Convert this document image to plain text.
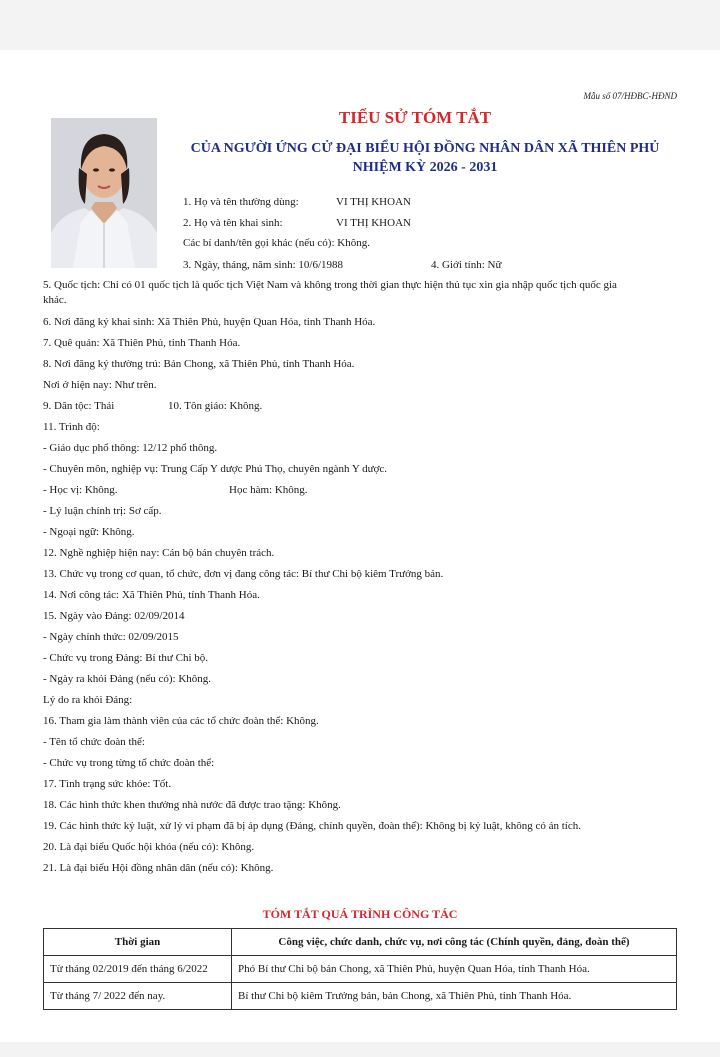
Mẫu số 07/HĐBC-HĐND
TIỂU SỬ TÓM TẮT
CỦA NGƯỜI ỨNG CỬ ĐẠI BIỂU HỘI ĐỒNG NHÂN DÂN XÃ THIÊN PHỦ
NHIỆM KỲ 2026 - 2031
1. Họ và tên thường dùng:	VI THỊ KHOAN
2. Họ và tên khai sinh:	VI THỊ KHOAN
Các bí danh/tên gọi khác (nếu có): Không.
3. Ngày, tháng, năm sinh: 10/6/1988	4. Giới tính: Nữ
5. Quốc tịch: Chỉ có 01 quốc tịch là quốc tịch Việt Nam và không trong thời gian thực hiện thủ tục xin gia nhập quốc tịch quốc gia
khác.
6. Nơi đăng ký khai sinh: Xã Thiên Phủ, huyện Quan Hóa, tỉnh Thanh Hóa.
7. Quê quán: Xã Thiên Phủ, tỉnh Thanh Hóa.
8. Nơi đăng ký thường trú: Bản Chong, xã Thiên Phủ, tỉnh Thanh Hóa.
Nơi ở hiện nay: Như trên.
9. Dân tộc: Thái	10. Tôn giáo: Không.
11. Trình độ:
- Giáo dục phổ thông: 12/12 phổ thông.
- Chuyên môn, nghiệp vụ: Trung Cấp Y dược Phú Thọ, chuyên ngành Y dược.
- Học vị: Không.	Học hàm: Không.
- Lý luận chính trị: Sơ cấp.
- Ngoại ngữ: Không.
12. Nghề nghiệp hiện nay: Cán bộ bán chuyên trách.
13. Chức vụ trong cơ quan, tổ chức, đơn vị đang công tác: Bí thư Chi bộ kiêm Trưởng bản.
14. Nơi công tác: Xã Thiên Phủ, tỉnh Thanh Hóa.
15. Ngày vào Đảng: 02/09/2014
- Ngày chính thức: 02/09/2015
- Chức vụ trong Đảng: Bí thư Chi bộ.
- Ngày ra khỏi Đảng (nếu có): Không.
Lý do ra khỏi Đảng:
16. Tham gia làm thành viên của các tổ chức đoàn thể: Không.
- Tên tổ chức đoàn thể:
- Chức vụ trong từng tổ chức đoàn thể:
17. Tình trạng sức khỏe: Tốt.
18. Các hình thức khen thưởng nhà nước đã được trao tặng: Không.
19. Các hình thức kỷ luật, xử lý vi phạm đã bị áp dụng (Đảng, chính quyền, đoàn thể): Không bị kỷ luật, không có án tích.
20. Là đại biểu Quốc hội khóa (nếu có): Không.
21. Là đại biểu Hội đồng nhân dân (nếu có): Không.
TÓM TẮT QUÁ TRÌNH CÔNG TÁC
Thời gian	Công việc, chức danh, chức vụ, nơi công tác (Chính quyền, đảng, đoàn thể)
Từ tháng 02/2019 đến tháng 6/2022	Phó Bí thư Chi bộ bản Chong, xã Thiên Phủ, huyện Quan Hóa, tỉnh Thanh Hóa.
Từ tháng 7/ 2022 đến nay.	Bí thư Chi bộ kiêm Trưởng bản, bản Chong, xã Thiên Phủ, tỉnh Thanh Hóa.
